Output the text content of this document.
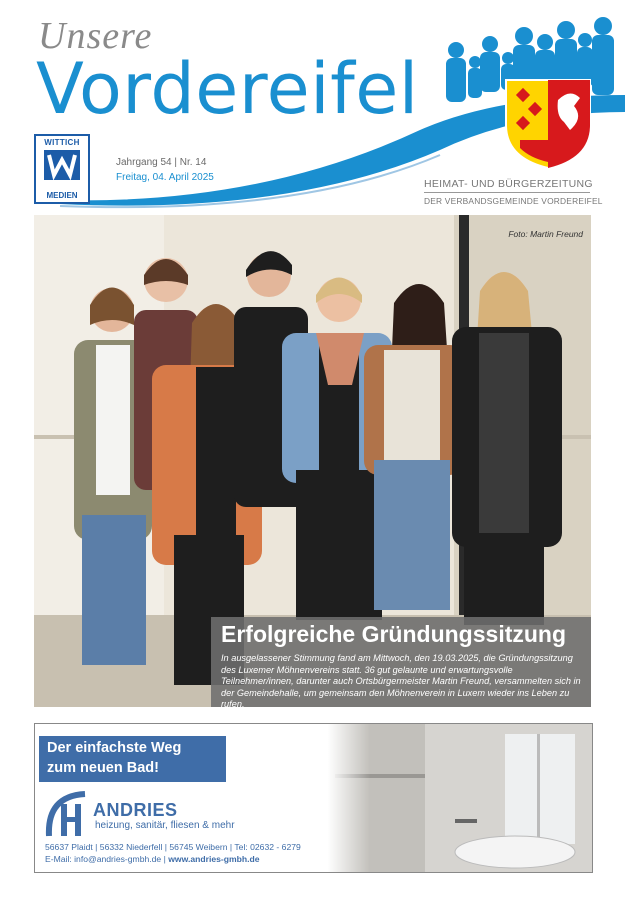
Unsere
Vordereifel
WITTICH
MEDIEN
Jahrgang 54 | Nr. 14
Freitag, 04. April 2025
HEIMAT- UND BÜRGERZEITUNG
DER VERBANDSGEMEINDE VORDEREIFEL
Foto: Martin Freund
Erfolgreiche Gründungssitzung
In ausgelassener Stimmung fand am Mittwoch, den 19.03.2025, die Gründungssitzung des Luxemer Möhnenvereins statt. 36 gut gelaunte und erwartungsvolle Teilnehmer/innen, darunter auch Ortsbürgermeister Martin Freund, versammelten sich in der Gemeindehalle, um gemeinsam den Möhnenverein in Luxem wieder ins Leben zu rufen.
Der einfachste Weg
zum neuen Bad!
ANDRIES
heizung, sanitär, fliesen & mehr
56637 Plaidt | 56332 Niederfell | 56745 Weibern | Tel: 02632 - 6279
E-Mail: info@andries-gmbh.de | www.andries-gmbh.de
